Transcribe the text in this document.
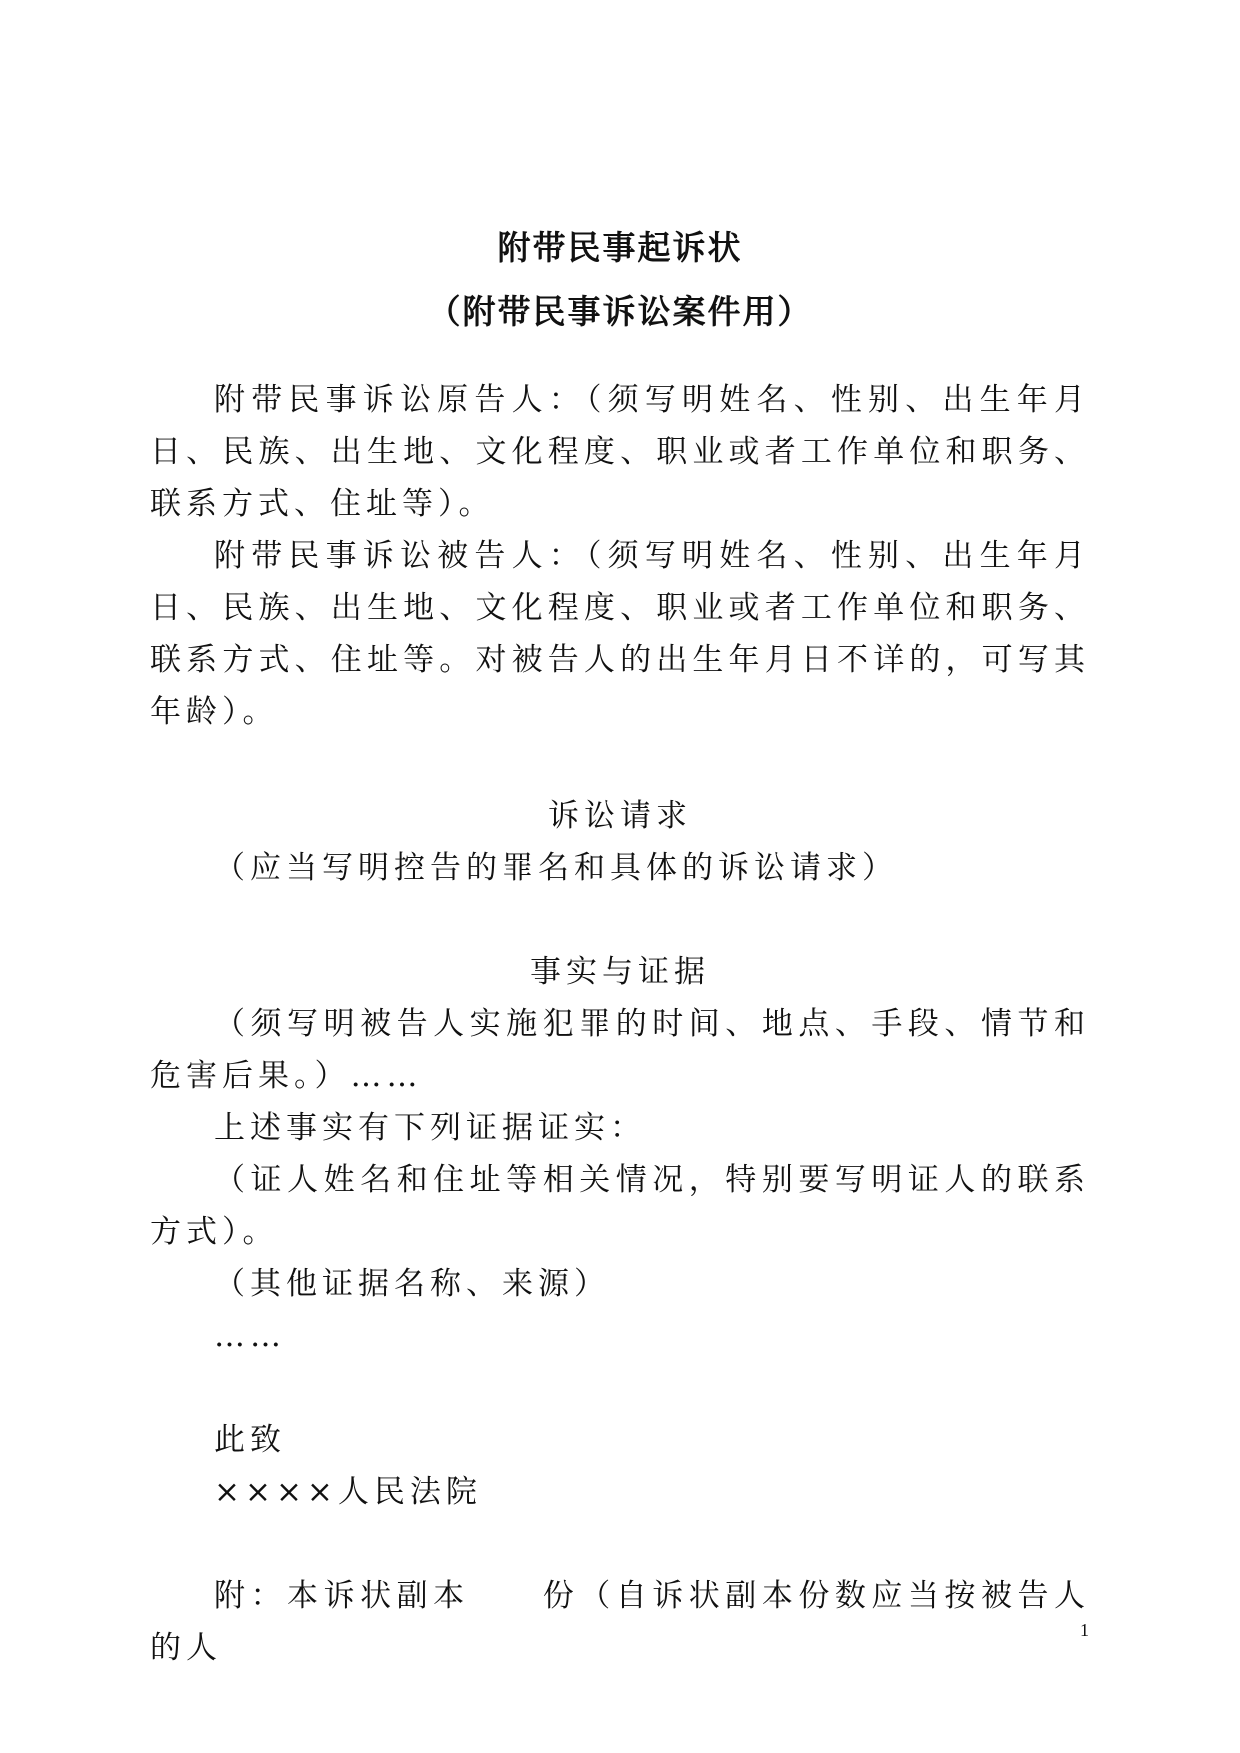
附带民事起诉状
（附带民事诉讼案件用）

附带民事诉讼原告人：（须写明姓名、性别、出生年月日、民族、出生地、文化程度、职业或者工作单位和职务、联系方式、住址等）。

附带民事诉讼被告人：（须写明姓名、性别、出生年月日、民族、出生地、文化程度、职业或者工作单位和职务、联系方式、住址等。对被告人的出生年月日不详的，可写其年龄）。

诉讼请求

（应当写明控告的罪名和具体的诉讼请求）

事实与证据

（须写明被告人实施犯罪的时间、地点、手段、情节和危害后果。）……

上述事实有下列证据证实：

（证人姓名和住址等相关情况，特别要写明证人的联系方式）。

（其他证据名称、来源）

……

此致

××××人民法院

附：本诉状副本　　份（自诉状副本份数应当按被告人的人	1
